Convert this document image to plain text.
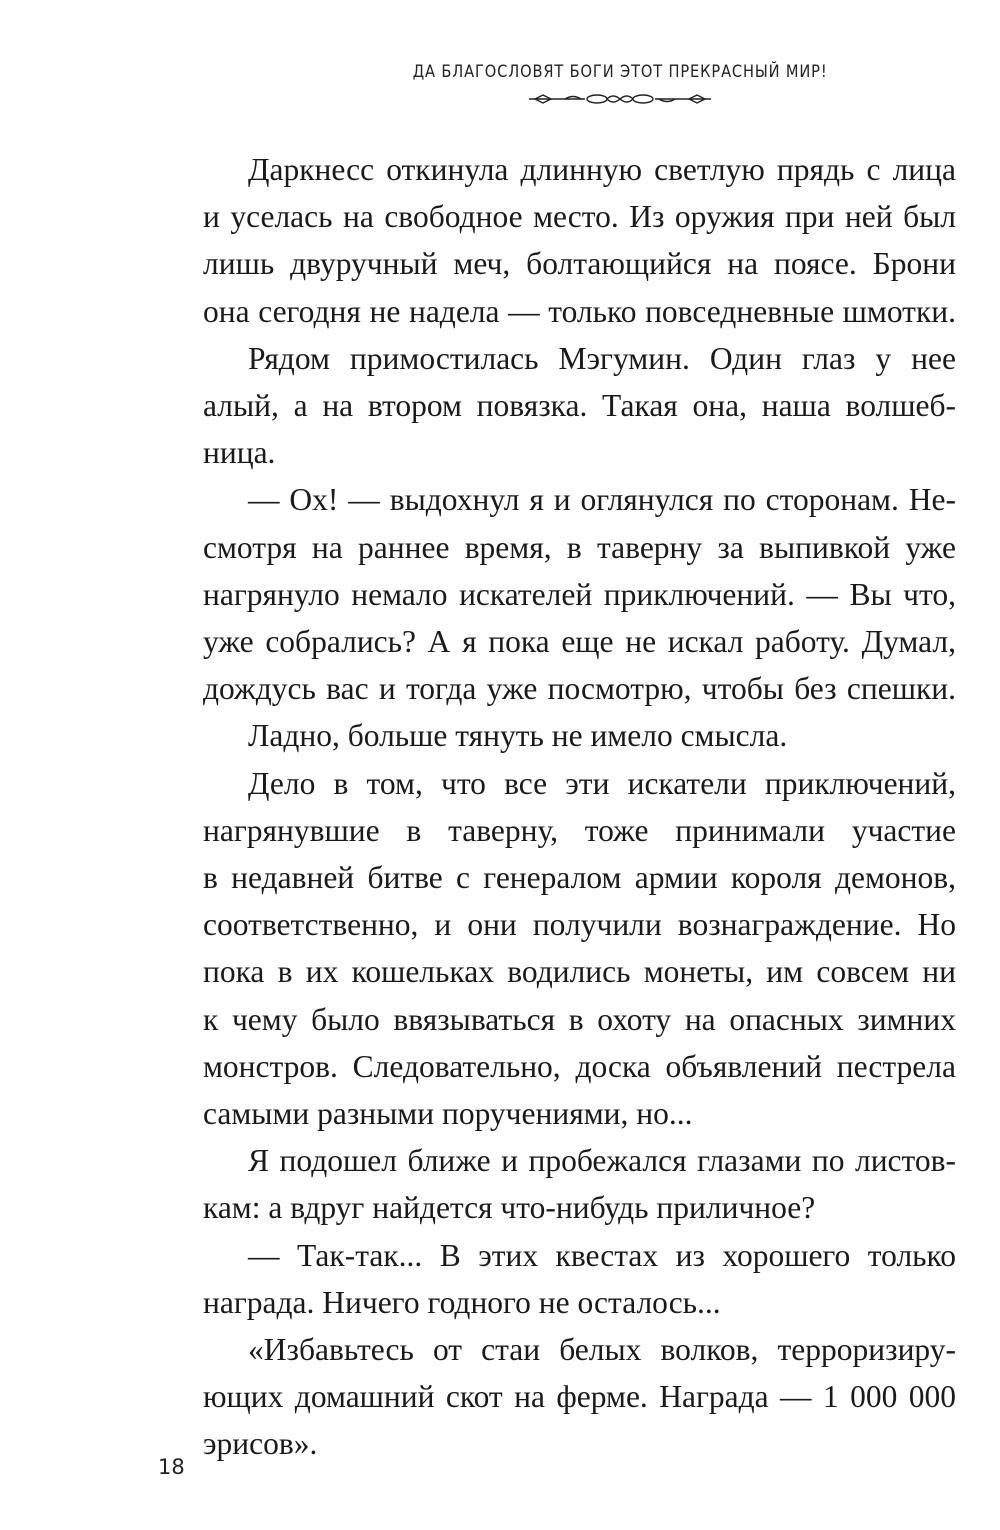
ДА БЛАГОСЛОВЯТ БОГИ ЭТОТ ПРЕКРАСНЫЙ МИР!

Даркнесс откинула длинную светлую прядь с лица
и уселась на свободное место. Из оружия при ней был
лишь двуручный меч, болтающийся на поясе. Брони
она сегодня не надела — только повседневные шмотки.

Рядом примостилась Мэгумин. Один глаз у нее
алый, а на втором повязка. Такая она, наша волшеб-
ница.

— Ох! — выдохнул я и оглянулся по сторонам. Не-
смотря на раннее время, в таверну за выпивкой уже
нагрянуло немало искателей приключений. — Вы что,
уже собрались? А я пока еще не искал работу. Думал,
дождусь вас и тогда уже посмотрю, чтобы без спешки.

Ладно, больше тянуть не имело смысла.

Дело в том, что все эти искатели приключений,
нагрянувшие в таверну, тоже принимали участие
в недавней битве с генералом армии короля демонов,
соответственно, и они получили вознаграждение. Но
пока в их кошельках водились монеты, им совсем ни
к чему было ввязываться в охоту на опасных зимних
монстров. Следовательно, доска объявлений пестрела
самыми разными поручениями, но...

Я подошел ближе и пробежался глазами по листов-
кам: а вдруг найдется что-нибудь приличное?

— Так-так... В этих квестах из хорошего только
награда. Ничего годного не осталось...

«Избавьтесь от стаи белых волков, терроризиру-
ющих домашний скот на ферме. Награда — 1 000 000
эрисов».

18
